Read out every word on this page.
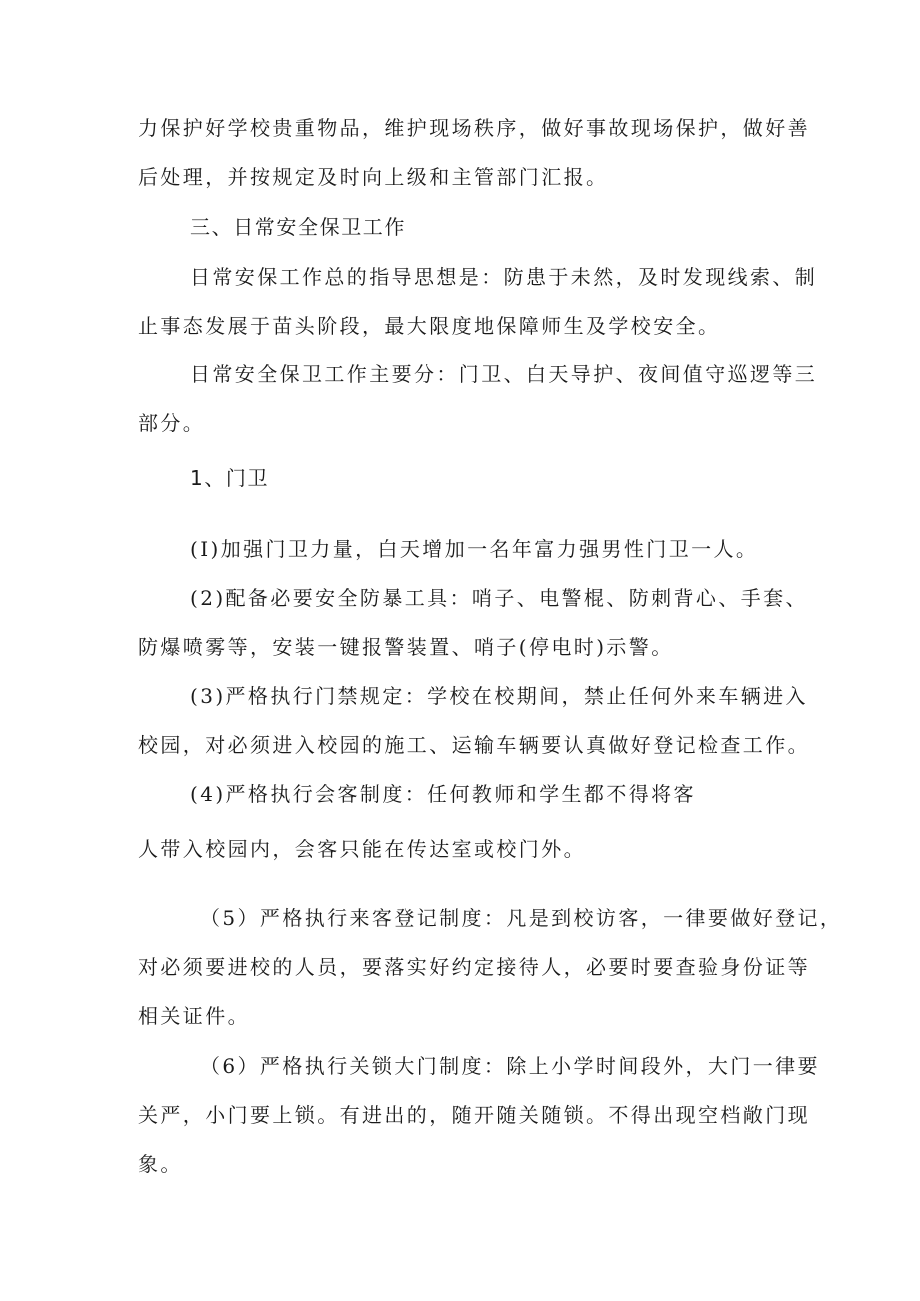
力保护好学校贵重物品，维护现场秩序，做好事故现场保护，做好善
后处理，并按规定及时向上级和主管部门汇报。
三、日常安全保卫工作
日常安保工作总的指导思想是：防患于未然，及时发现线索、制
止事态发展于苗头阶段，最大限度地保障师生及学校安全。
日常安全保卫工作主要分：门卫、白天导护、夜间值守巡逻等三
部分。
1、门卫
(I)加强门卫力量，白天增加一名年富力强男性门卫一人。
(2)配备必要安全防暴工具：哨子、电警棍、防刺背心、手套、
防爆喷雾等，安装一键报警装置、哨子(停电时)示警。
(3)严格执行门禁规定：学校在校期间，禁止任何外来车辆进入
校园，对必须进入校园的施工、运输车辆要认真做好登记检查工作。
(4)严格执行会客制度：任何教师和学生都不得将客
人带入校园内，会客只能在传达室或校门外。
（5）严格执行来客登记制度：凡是到校访客，一律要做好登记，
对必须要进校的人员，要落实好约定接待人，必要时要查验身份证等
相关证件。
（6）严格执行关锁大门制度：除上小学时间段外，大门一律要
关严，小门要上锁。有进出的，随开随关随锁。不得出现空档敞门现
象。
